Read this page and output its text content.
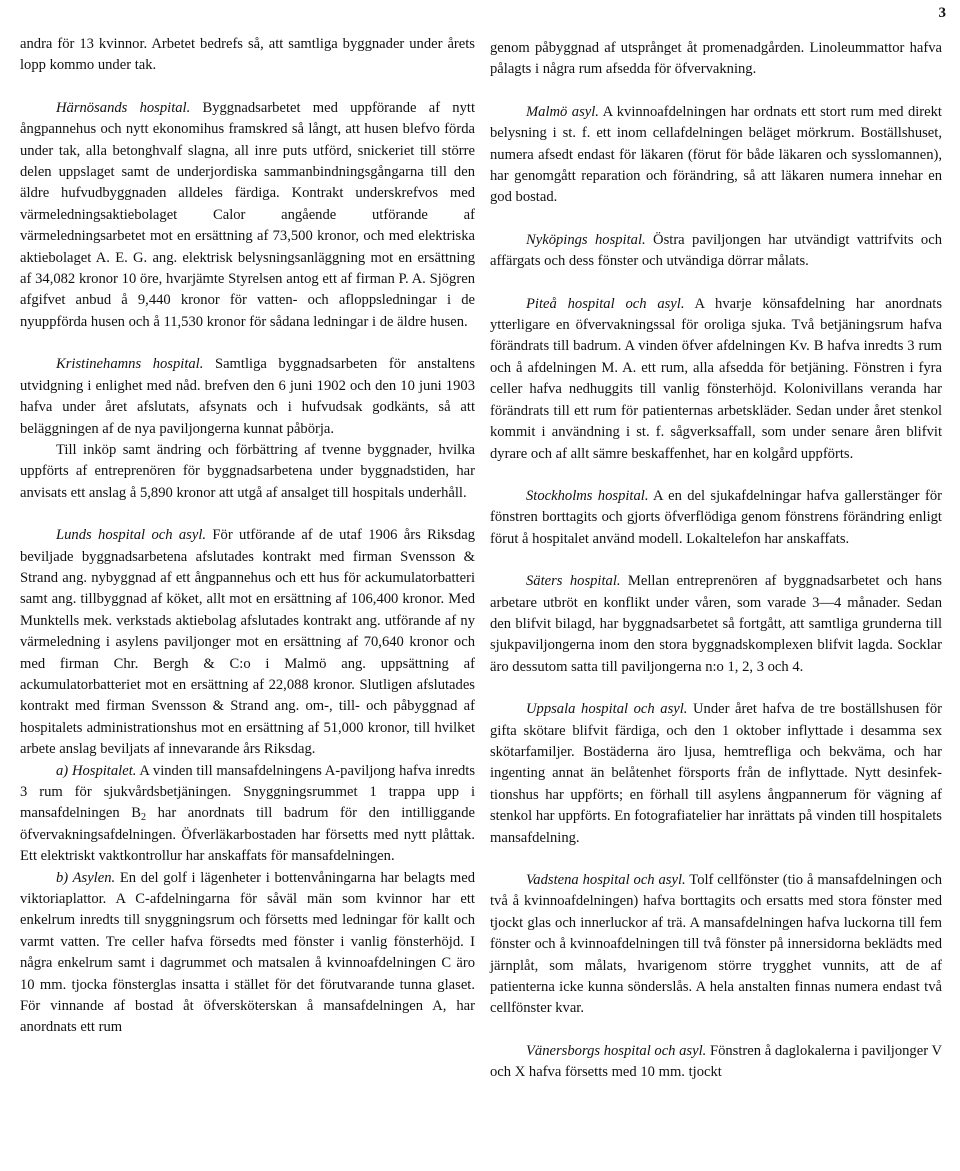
3

andra för 13 kvinnor. Arbetet bedrefs så, att samtliga byggnader under årets lopp kommo under tak.

Härnösands hospital. Byggnadsarbetet med uppförande af nytt ångpannehus och nytt ekonomihus framskred så långt, att husen blefvo förda under tak, alla betonghvalf slagna, all inre puts utförd, snickeriet till större delen uppslaget samt de underjordiska sammanbindningsgångarna till den äldre hufvudbyggnaden alldeles färdiga. Kontrakt underskrefvos med värmeledningsaktiebolaget Calor angående utförande af värmeledningsarbetet mot en ersättning af 73,500 kronor, och med elektriska aktiebolaget A. E. G. ang. elektrisk belysningsanläggning mot en ersättning af 34,082 kronor 10 öre, hvarjämte Styrelsen antog ett af firman P. A. Sjögren afgifvet anbud å 9,440 kronor för vatten- och afloppsledningar i de nyuppförda husen och å 11,530 kronor för sådana ledningar i de äldre husen.

Kristinehamns hospital. Samtliga byggnadsarbeten för anstaltens utvidgning i enlighet med nåd. brefven den 6 juni 1902 och den 10 juni 1903 hafva under året afslutats, afsynats och i hufvudsak godkänts, så att beläggningen af de nya paviljongerna kunnat påbörja.

Till inköp samt ändring och förbättring af tvenne byggnader, hvilka uppförts af entreprenören för byggnadsarbetena under byggnadstiden, har anvisats ett anslag å 5,890 kronor att utgå af ansalget till hospitals underhåll.

Lunds hospital och asyl. För utförande af de utaf 1906 års Riksdag beviljade byggnadsarbetena afslutades kontrakt med firman Svensson & Strand ang. nybyggnad af ett ångpannehus och ett hus för ackumulatorbatteri samt ang. tillbyggnad af köket, allt mot en ersättning af 106,400 kronor. Med Munktells mek. verkstads aktiebolag afslutades kontrakt ang. utförande af ny värmeledning i asylens paviljonger mot en ersättning af 70,640 kronor och med firman Chr. Bergh & C:o i Malmö ang. uppsättning af ackumulatorbatteriet mot en ersättning af 22,088 kronor. Slutligen afslutades kontrakt med firman Svensson & Strand ang. om-, till- och påbyggnad af hospitalets administrationshus mot en ersättning af 51,000 kronor, till hvilket arbete anslag beviljats af innevarande års Riksdag.

a) Hospitalet. A vinden till mansafdelningens A-paviljong hafva inredts 3 rum för sjukvårdsbetjäningen. Snyggningsrummet 1 trappa upp i mansafdelningen $B_2$ har anordnats till badrum för den intilliggande öfvervakningsafdelningen. Öfverläkarbostaden har försetts med nytt plåttak. Ett elektriskt vaktkontrollur har anskaffats för mansafdelningen.

b) Asylen. En del golf i lägenheter i bottenvåningarna har belagts med viktoriaplattor. A C-afdelningarna för såväl män som kvinnor har ett enkelrum inredts till snyggningsrum och försetts med ledningar för kallt och varmt vatten. Tre celler hafva försedts med fönster i vanlig fönsterhöjd. I några enkelrum samt i dagrummet och matsalen å kvinnoafdelningen C äro 10 mm. tjocka fönsterglas insatta i stället för det förutvarande tunna glaset. För vinnande af bostad åt öfversköterskan å mansafdelningen A, har anordnats ett rum

genom påbyggnad af utsprånget åt promenadgården. Linoleummattor hafva pålagts i några rum afsedda för öfvervakning.

Malmö asyl. A kvinnoafdelningen har ordnats ett stort rum med direkt belysning i st. f. ett inom cellafdelningen beläget mörkrum. Boställshuset, numera afsedt endast för läkaren (förut för både läkaren och sysslomannen), har genomgått reparation och förändring, så att läkaren numera innehar en god bostad.

Nyköpings hospital. Östra paviljongen har utvändigt vattrifvits och affärgats och dess fönster och utvändiga dörrar målats.

Piteå hospital och asyl. A hvarje könsafdelning har anordnats ytterligare en öfvervakningssal för oroliga sjuka. Två betjäningsrum hafva förändrats till badrum. A vinden öfver afdelningen Kv. B hafva inredts 3 rum och å afdelningen M. A. ett rum, alla afsedda för betjäning. Fönstren i fyra celler hafva nedhuggits till vanlig fönsterhöjd. Kolonivillans veranda har förändrats till ett rum för patienternas arbetskläder. Sedan under året stenkol kommit i användning i st. f. sågverksaffall, som under senare åren blifvit dyrare och af allt sämre beskaffenhet, har en kolgård uppförts.

Stockholms hospital. A en del sjukafdelningar hafva gallerstänger för fönstren borttagits och gjorts öfverflödiga genom fönstrens förändring enligt förut å hospitalet använd modell. Lokaltelefon har anskaffats.

Säters hospital. Mellan entreprenören af byggnadsarbetet och hans arbetare utbröt en konflikt under våren, som varade 3—4 månader. Sedan den blifvit bilagd, har byggnadsarbetet så fortgått, att samtliga grunderna till sjukpaviljongerna inom den stora byggnadskomplexen blifvit lagda. Socklar äro dessutom satta till paviljongerna n:o 1, 2, 3 och 4.

Uppsala hospital och asyl. Under året hafva de tre boställshusen för gifta skötare blifvit färdiga, och den 1 oktober inflyttade i desamma sex skötarfamiljer. Bostäderna äro ljusa, hemtrefliga och bekväma, och har ingenting annat än belåtenhet försports från de inflyttade. Nytt desinfektionshus har uppförts; en förhall till asylens ångpannerum för vägning af stenkol har uppförts. En fotografiatelier har inrättats på vinden till hospitalets mansafdelning.

Vadstena hospital och asyl. Tolf cellfönster (tio å mansafdelningen och två å kvinnoafdelningen) hafva borttagits och ersatts med stora fönster med tjockt glas och innerluckor af trä. A mansafdelningen hafva luckorna till fem fönster och å kvinnoafdelningen till två fönster på innersidorna beklädts med järnplåt, som målats, hvarigenom större trygghet vunnits, att de af patienterna icke kunna sönderslås. A hela anstalten finnas numera endast två cellfönster kvar.

Vänersborgs hospital och asyl. Fönstren å daglokalerna i paviljonger V och X hafva försetts med 10 mm. tjockt
